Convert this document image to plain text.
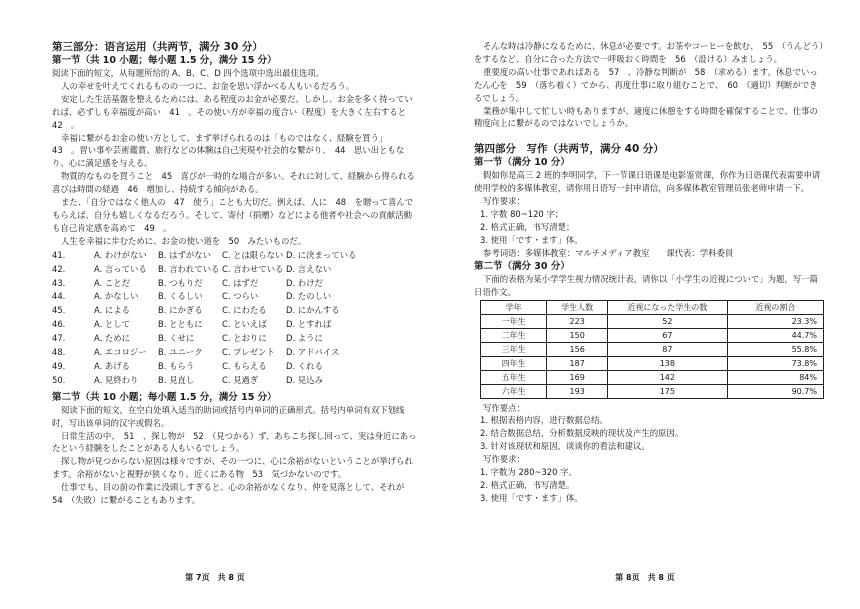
第三部分：语言运用（共两节，满分 30 分）

第一节（共 10 小题；每小题 1.5 分，满分 15 分）

阅读下面的短文，从每题所给的 A、B、C、D 四个选项中选出最佳选项。

人の幸せを叶えてくれるものの一つに、お金を思い浮かべる人もいるだろう。

安定した生活基盤を整えるためには、ある程度のお金が必要だ。しかし、お金を多く持っていれば、必ずしも幸福度が高い　41　。その使い方が幸福の度合い（程度）を大きく左右すると　42　。

幸福に繋がるお金の使い方として、まず挙げられるのは「ものではなく、経験を買う」　43　。習い事や芸術鑑賞、旅行などの体験は自己実現や社会的な繋がり、　44　思い出ともなり、心に満足感を与える。

物質的なものを買うこと　45　喜びが一時的な場合が多い。それに対して、経験から得られる喜びは時間の経過　46　増加し、持続する傾向がある。

また、「自分ではなく他人の　47　使う」ことも大切だ。例えば、人に　48　を贈って喜んでもらえば、自分も嬉しくなるだろう。そして、寄付（捐赠）などによる他者や社会への貢献活動も自己肯定感を高めて　49　。

人生を幸福に歩むために、お金の使い道を　50　みたいものだ。

41.	A. わけがない	B. はずがない	C. とは限らない D. に決まっている
42.	A. 言っている	B. 言われている C. 言わせている D. 言えない
43.	A. ことだ	B. つもりだ	C. はずだ	D. わけだ
44.	A. かなしい	B. くるしい	C. つらい	D. たのしい
45.	A. による	B. にかぎる	C. にわたる	D. にかんする
46.	A. として	B. とともに	C. といえば	D. とすれば
47.	A. ために	B. くせに	C. とおりに	D. ように
48.	A. エコロジー	B. ユニーク	C. プレゼント	D. アドバイス
49.	A. あげる	B. もらう	C. もらえる	D. くれる
50.	A. 見終わり	B. 見直し	C. 見過ぎ	D. 見込み

第二节（共 10 小题；每小题 1.5 分，满分 15 分）

阅读下面的短文，在空白处填入适当的助词或括号内单词的正确形式。括号内单词有双下划线时，写出该单词的汉字或假名。

日常生活の中、　51　、探し物が　52　（見つかる）ず、あちこち探し回って、実は身近にあったという経験をしたことがある人もいるでしょう。

探し物が見つからない原因は様々ですが、その一つに、心に余裕がないということが挙げられます。余裕がないと視野が狭くなり、近くにある物　53　気づかないのです。

仕事でも、目の前の作業に没頭しすぎると、心の余裕がなくなり、仲を見落として、それが　54　（失敗）に繋がることもあります。

第 7页　共 8 页

そんな時は冷静になるために、休息が必要です。お茶やコーヒーを飲む、　55　（うんどう）をするなど、自分に合った方法で一呼吸おく時間を　56　（設ける）みましょう。

重要度の高い仕事であればある　57　、冷静な判断が　58　（求める）ます。休息でいったん心を　59　（落ち着く）てから、再度仕事に取り組むことで、　60　（適切）判断ができるでしょう。

業務が集中して忙しい時もありますが、適度に休憩をする時間を確保することで、仕事の精度向上に繋がるのではないでしょうか。

第四部分　写作（共两节，满分 40 分）

第一节（满分 10 分）

假如你是高三 2 班的李明同学，下一节课日语课是电影鉴赏课，你作为日语课代表需要申请使用学校的多媒体教室，请你用日语写一封申请信，向多媒体教室管理员张老师申请一下。

写作要求：

1. 字数 80~120 字；

2. 格式正确，书写清楚；

3. 使用「です・ます」体。

参考词语：多媒体教室：マルチメディア教室　　课代表：学科委員

第二节（满分 30 分）

下面的表格为某小学学生视力情况统计表，请你以「小学生の近视について」为题，写一篇日语作文。

学年	学生人数	近视になった学生の数	近视の割合
一年生	223	52	23.3%
二年生	150	67	44.7%
三年生	156	87	55.8%
四年生	187	138	73.8%
五年生	169	142	84%
六年生	193	175	90.7%

写作要点：

1. 根据表格内容，进行数据总结。

2. 结合数据总结，分析数据反映的现状及产生的原因。

3. 针对该现状和原因，谈谈你的看法和建议。

写作要求：

1. 字数为 280~320 字。

2. 格式正确，书写清楚。

3. 使用「です・ます」体。

第 8页　共 8 页
